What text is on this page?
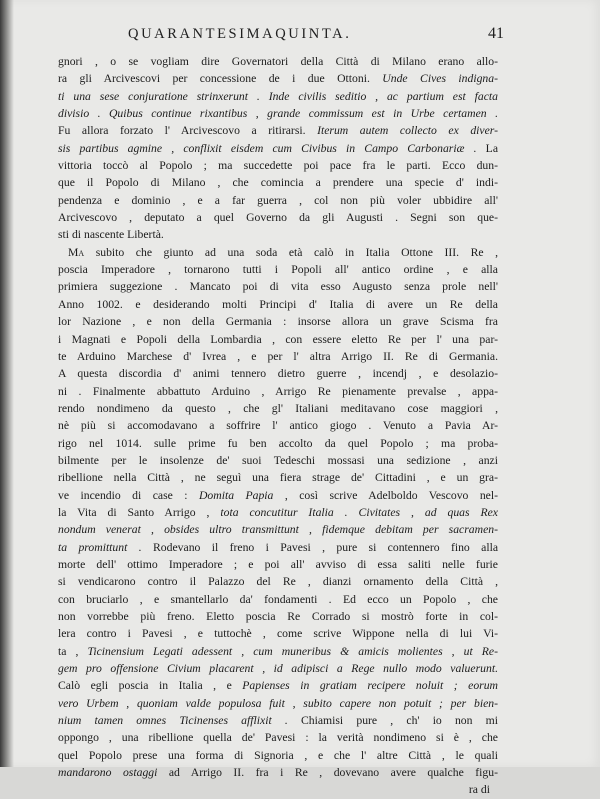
QUARANTESIMAQUINTA.	41
gnori , o se vogliam dire Governatori della Città di Milano erano allo-
ra gli Arcivescovi per concessione de i due Ottoni. Unde Cives indigna-
ti una sese conjuratione strinxerunt . Inde civilis seditio , ac partium est facta
divisio . Quibus continue rixantibus , grande commissum est in Urbe certamen .
Fu allora forzato l' Arcivescovo a ritirarsi. Iterum autem collecto ex diver-
sis partibus agmine , conflixit eisdem cum Civibus in Campo Carbonariæ . La
vittoria toccò al Popolo ; ma succedette poi pace fra le parti. Ecco dun-
que il Popolo di Milano , che comincia a prendere una specie d' indi-
pendenza e dominio , e a far guerra , col non più voler ubbidire all'
Arcivescovo , deputato a quel Governo da gli Augusti . Segni son que-
sti di nascente Libertà.
Ma subito che giunto ad una soda età calò in Italia Ottone III. Re ,
poscia Imperadore , tornarono tutti i Popoli all' antico ordine , e alla
primiera suggezione . Mancato poi di vita esso Augusto senza prole nell'
Anno 1002. e desiderando molti Principi d' Italia di avere un Re della
lor Nazione , e non della Germania : insorse allora un grave Scisma fra
i Magnati e Popoli della Lombardia , con essere eletto Re per l' una par-
te Arduino Marchese d' Ivrea , e per l' altra Arrigo II. Re di Germania.
A questa discordia d' animi tennero dietro guerre , incendj , e desolazio-
ni . Finalmente abbattuto Arduino , Arrigo Re pienamente prevalse , appa-
rendo nondimeno da questo , che gl' Italiani meditavano cose maggiori ,
nè più si accomodavano a soffrire l' antico giogo . Venuto a Pavia Ar-
rigo nel 1014. sulle prime fu ben accolto da quel Popolo ; ma proba-
bilmente per le insolenze de' suoi Tedeschi mossasi una sedizione , anzi
ribellione nella Città , ne seguì una fiera strage de' Cittadini , e un gra-
ve incendio di case : Domita Papia , così scrive Adelboldo Vescovo nel-
la Vita di Santo Arrigo , tota concutitur Italia . Civitates , ad quas Rex
nondum venerat , obsides ultro transmittunt , fidemque debitam per sacramen-
ta promittunt . Rodevano il freno i Pavesi , pure si contennero fino alla
morte dell' ottimo Imperadore ; e poi all' avviso di essa saliti nelle furie
si vendicarono contro il Palazzo del Re , dianzi ornamento della Città ,
con bruciarlo , e smantellarlo da' fondamenti . Ed ecco un Popolo , che
non vorrebbe più freno. Eletto poscia Re Corrado si mostrò forte in col-
lera contro i Pavesi , e tuttochè , come scrive Wippone nella di lui Vi-
ta , Ticinensium Legati adessent , cum muneribus & amicis molientes , ut Re-
gem pro offensione Civium placarent , id adipisci a Rege nullo modo valuerunt.
Calò egli poscia in Italia , e Papienses in gratiam recipere noluit ; eorum
vero Urbem , quoniam valde populosa fuit , subito capere non potuit ; per bien-
nium tamen omnes Ticinenses afflixit . Chiamisi pure , ch' io non mi
oppongo , una ribellione quella de' Pavesi : la verità nondimeno si è , che
quel Popolo prese una forma di Signoria , e che l' altre Città , le quali
mandarono ostaggi ad Arrigo II. fra i Re , dovevano avere qualche figu-
ra di
